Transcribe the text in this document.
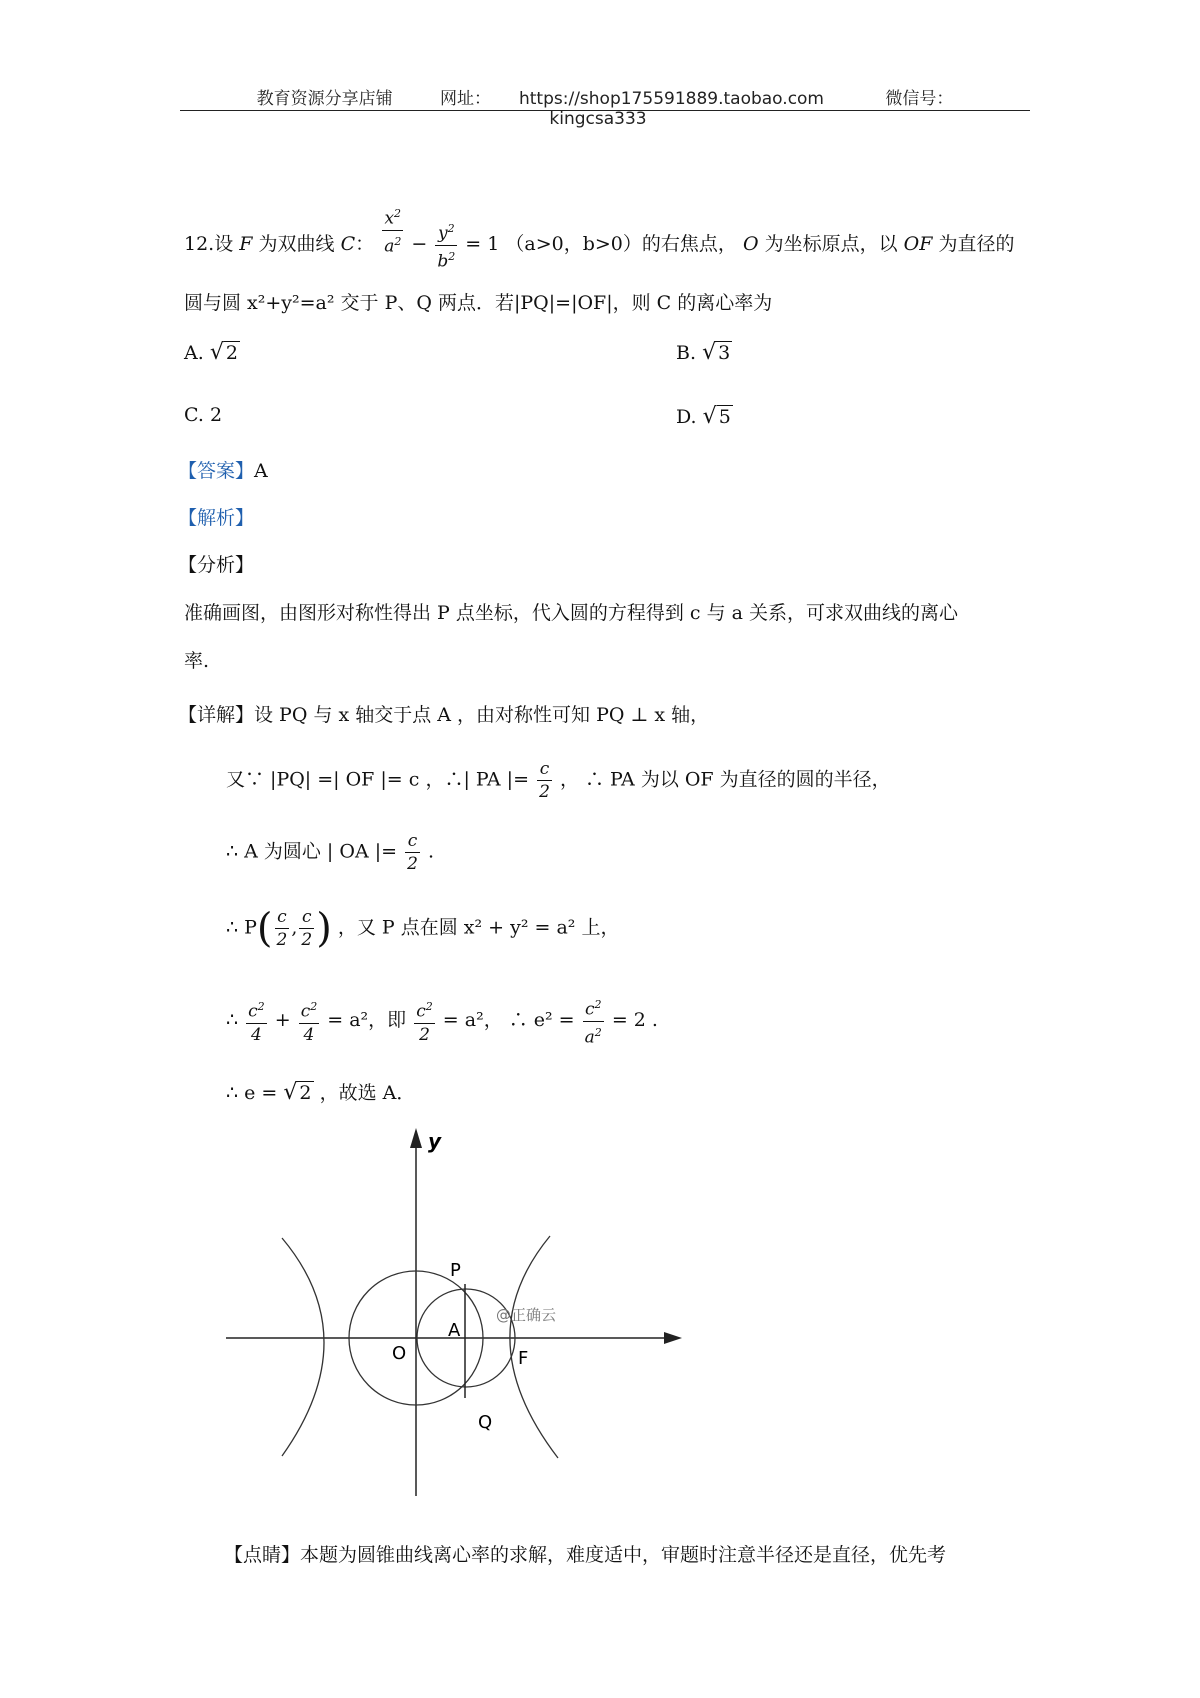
教育资源分享店铺	网址： https://shop175591889.taobao.com	微信号：kingcsa333
12.设 F 为双曲线 C： $\frac{x^2}{a^2} - \frac{y^2}{b^2} = 1$ （a>0，b>0）的右焦点， O 为坐标原点，以 OF 为直径的
圆与圆 x²+y²=a² 交于 P、Q 两点．若|PQ|=|OF|，则 C 的离心率为
A. √ 2	B. √ 3
C. 2	D. √ 5
【答案】A
【解析】
【分析】
准确画图，由图形对称性得出 P 点坐标，代入圆的方程得到 c 与 a 关系，可求双曲线的离心
率.
【详解】设 PQ 与 x 轴交于点 A ，由对称性可知 PQ ⊥ x 轴，
又∵ |PQ| =| OF |= c ，∴| PA |= $\frac{c}{2}$ ， ∴ PA 为以 OF 为直径的圆的半径，
∴ A 为圆心 | OA |= $\frac{c}{2}$ .
∴ $P( \frac{c}{2}$ , $\frac{c}{2}$ ) ，又 P 点在圆 x² + y² = a² 上，
∴ $\frac{c^2}{4} + \frac{c^2}{4} = a^2$，即 $\frac{c^2}{2} = a^2$， ∴ $e^2 = \frac{c^2}{a^2} = 2$ .
∴ e = √ 2 ，故选 A．
y
P
A
O	F
Q
@正确云
【点睛】本题为圆锥曲线离心率的求解，难度适中，审题时注意半径还是直径，优先考
